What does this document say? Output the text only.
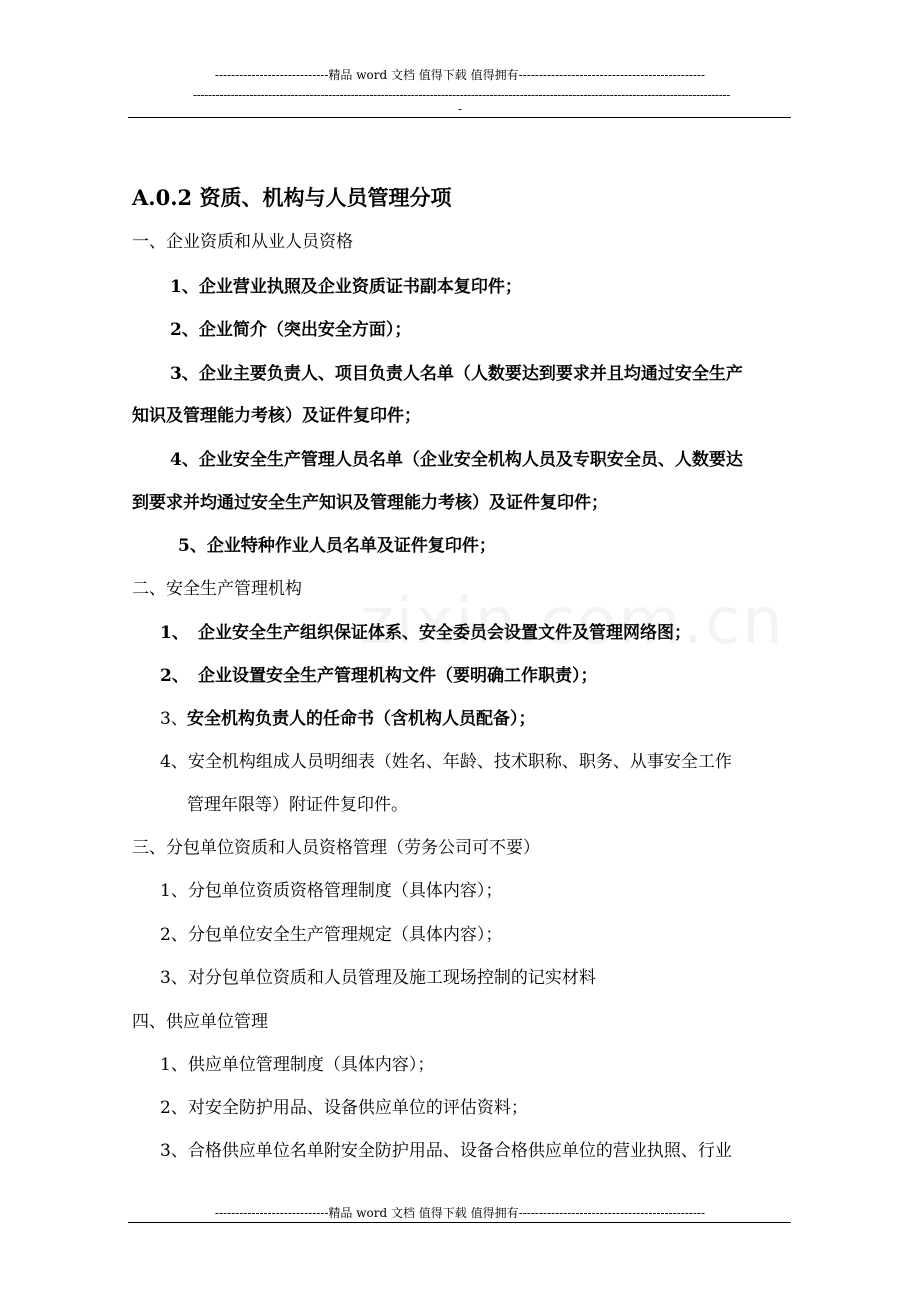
----------------------------精品 word 文档 值得下载 值得拥有----------------------------------------------
-----------------------------------------------------------------------------------------------------------------------------------------------
-
A.0.2 资质、机构与人员管理分项
一、企业资质和从业人员资格
1、企业营业执照及企业资质证书副本复印件；
2、企业简介（突出安全方面）；
3、企业主要负责人、项目负责人名单（人数要达到要求并且均通过安全生产
知识及管理能力考核）及证件复印件；
4、企业安全生产管理人员名单（企业安全机构人员及专职安全员、人数要达
到要求并均通过安全生产知识及管理能力考核）及证件复印件；
5、企业特种作业人员名单及证件复印件；
二、安全生产管理机构
1、 企业安全生产组织保证体系、安全委员会设置文件及管理网络图；
2、 企业设置安全生产管理机构文件（要明确工作职责）；
3、 安全机构负责人的任命书（含机构人员配备）；
4、安全机构组成人员明细表（姓名、年龄、技术职称、职务、从事安全工作
管理年限等）附证件复印件。
三、分包单位资质和人员资格管理（劳务公司可不要）
1、分包单位资质资格管理制度（具体内容）；
2、分包单位安全生产管理规定（具体内容）；
3、对分包单位资质和人员管理及施工现场控制的记实材料
四、供应单位管理
1、供应单位管理制度（具体内容）；
2、对安全防护用品、设备供应单位的评估资料；
3、合格供应单位名单附安全防护用品、设备合格供应单位的营业执照、行业
----------------------------精品 word 文档 值得下载 值得拥有----------------------------------------------
